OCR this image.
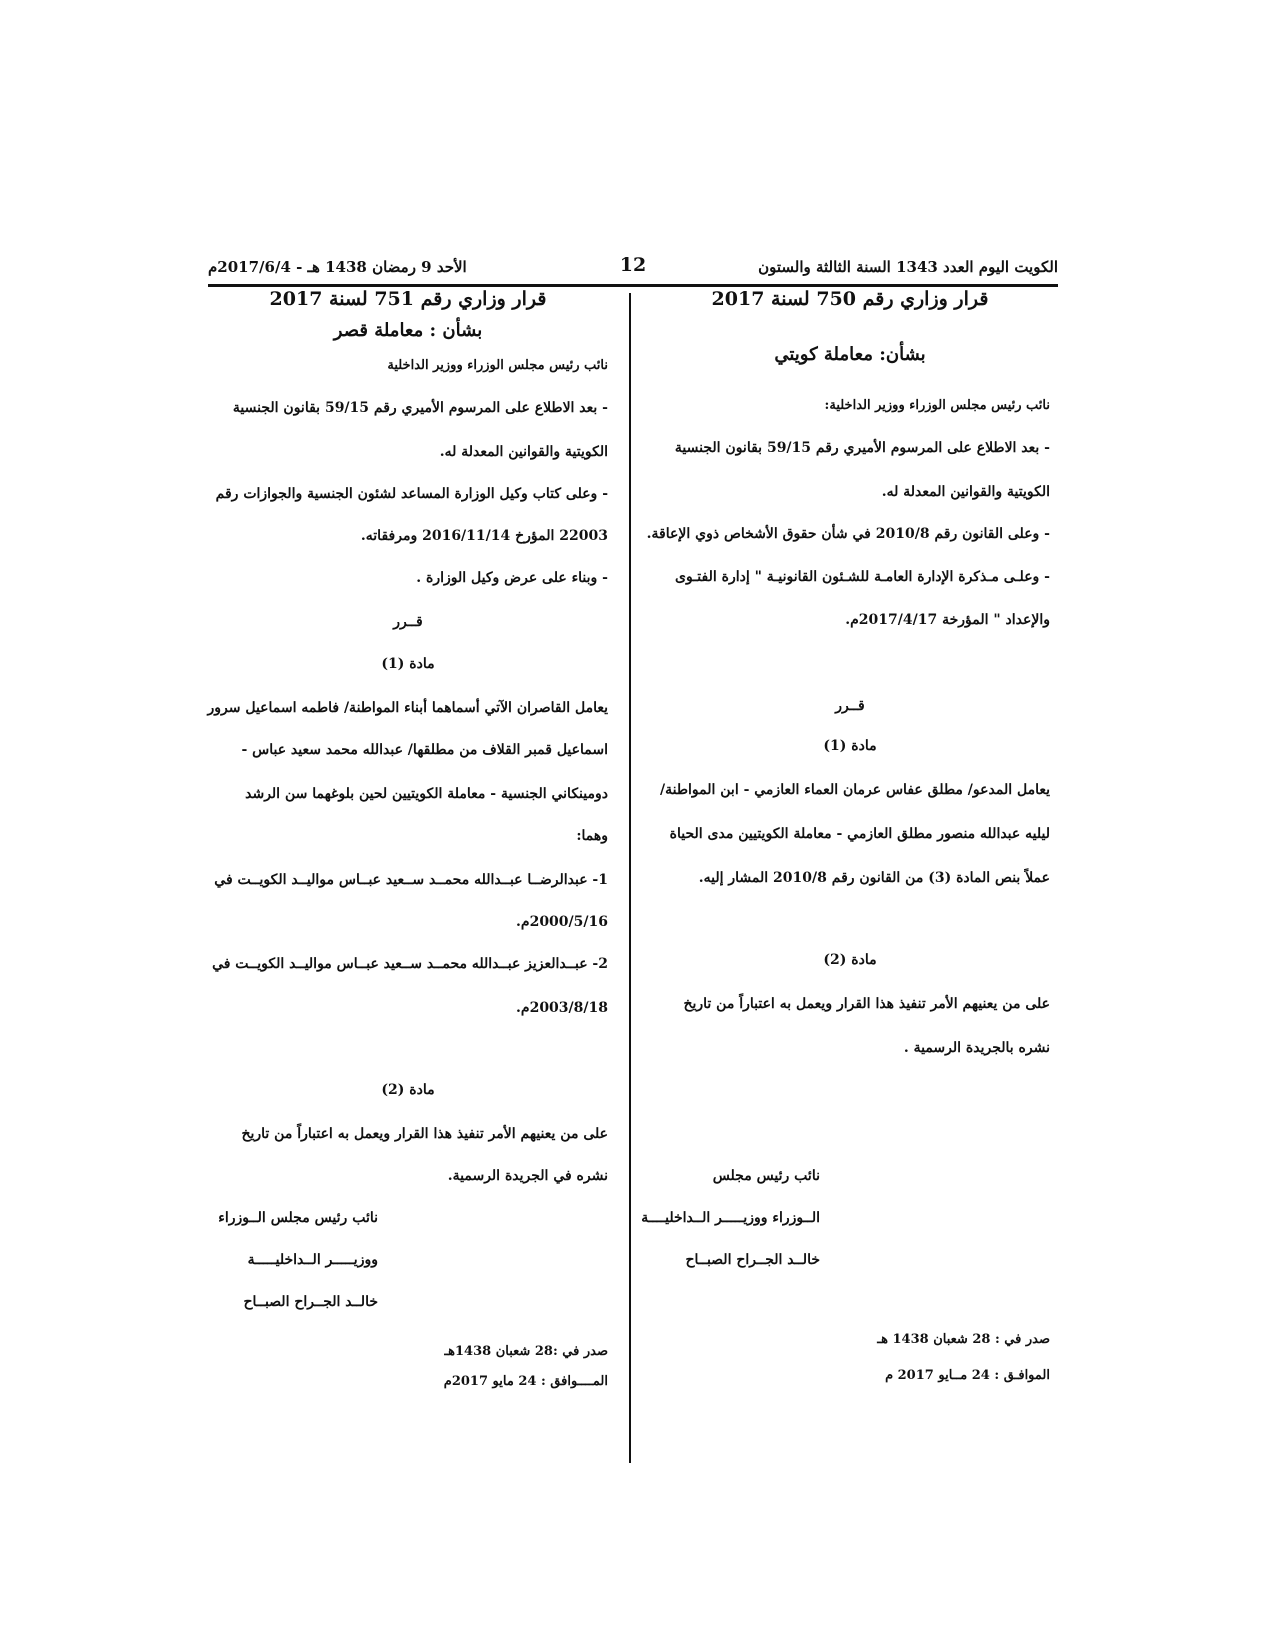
الكويت اليوم العدد 1343 السنة الثالثة والستون
12
الأحد 9 رمضان 1438 هـ - 2017/6/4م
قرار وزاري رقم 750 لسنة 2017
بشأن: معاملة كويتي
نائب رئيس مجلس الوزراء ووزير الداخلية:
- بعد الاطلاع على المرسوم الأميري رقم 59/15 بقانون الجنسية
الكويتية والقوانين المعدلة له.
- وعلى القانون رقم 2010/8 في شأن حقوق الأشخاص ذوي الإعاقة.
- وعلـى مـذكرة الإدارة العامـة للشـئون القانونيـة " إدارة الفتـوى
والإعداد " المؤرخة 2017/4/17م.
قــرر
مادة (1)
يعامل المدعو/ مطلق عفاس عرمان العماء العازمي - ابن المواطنة/
ليليه عبدالله منصور مطلق العازمي - معاملة الكويتيين مدى الحياة
عملاً بنص المادة (3) من القانون رقم 2010/8 المشار إليه.
مادة (2)
على من يعنيهم الأمر تنفيذ هذا القرار ويعمل به اعتباراً من تاريخ
نشره بالجريدة الرسمية .
نائب رئيس مجلس
الــوزراء ووزيـــــر الــداخليــــة
خالــد الجــراح الصبــاح
صدر في : 28 شعبان 1438 هـ
الموافـق : 24 مــايو 2017 م
قرار وزاري رقم 751 لسنة 2017
بشأن : معاملة قصر
نائب رئيس مجلس الوزراء ووزير الداخلية
- بعد الاطلاع على المرسوم الأميري رقم 59/15 بقانون الجنسية
الكويتية والقوانين المعدلة له.
- وعلى كتاب وكيل الوزارة المساعد لشئون الجنسية والجوازات رقم
22003 المؤرخ 2016/11/14 ومرفقاته.
- وبناء على عرض وكيل الوزارة .
قــرر
مادة (1)
يعامل القاصران الآتي أسماهما أبناء المواطنة/ فاطمه اسماعيل سرور
اسماعيل قمبر القلاف من مطلقها/ عبدالله محمد سعيد عباس -
دومينكاني الجنسية - معاملة الكويتيين لحين بلوغهما سن الرشد
وهما:
1- عبدالرضــا عبــدالله محمــد ســعيد عبــاس مواليــد الكويــت في
2000/5/16م.
2- عبــدالعزيز عبــدالله محمــد ســعيد عبــاس مواليــد الكويــت في
2003/8/18م.
مادة (2)
على من يعنيهم الأمر تنفيذ هذا القرار ويعمل به اعتباراً من تاريخ
نشره في الجريدة الرسمية.
نائب رئيس مجلس الــوزراء
ووزيـــــر الــداخليـــــة
خالــد الجــراح الصبــاح
صدر في :28 شعبان 1438هـ
المــــوافق : 24 مايو 2017م
